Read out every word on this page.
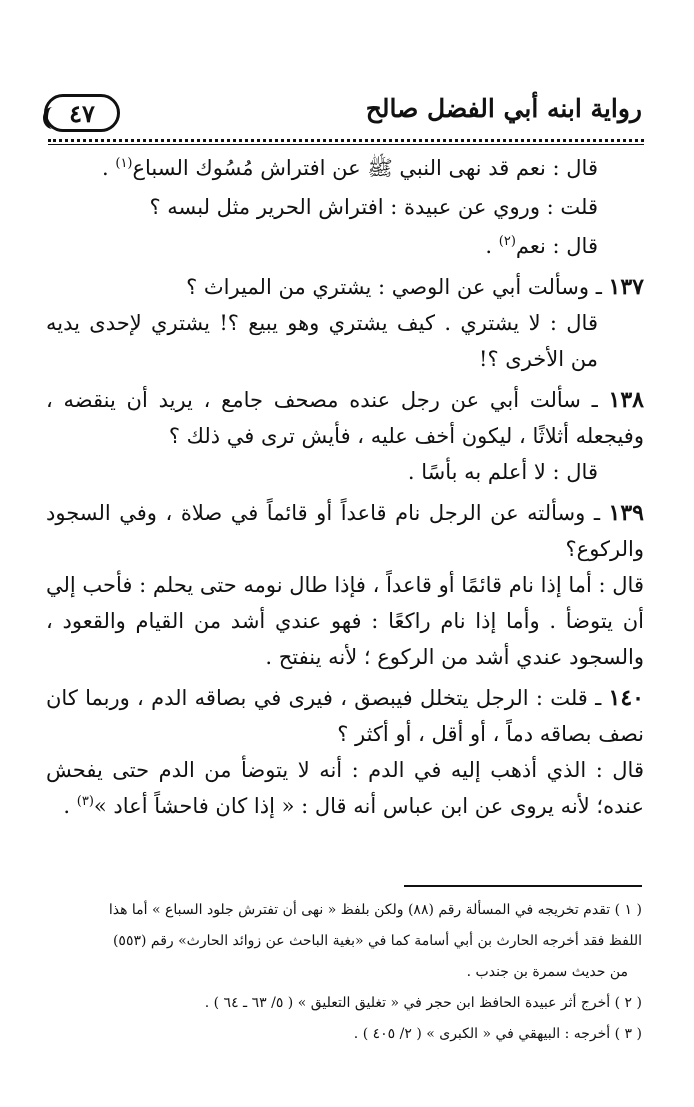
رواية ابنه أبي الفضل صالح
٤٧

قال : نعم قد نهى النبي ﷺ عن افتراش مُسُوك السباع$^{(١)}$ .

قلت : وروي عن عبيدة : افتراش الحرير مثل لبسه ؟

قال : نعم$^{(٢)}$ .

١٣٧ ـ وسألت أبي عن الوصي : يشتري من الميراث ؟

قال : لا يشتري . كيف يشتري وهو يبيع ؟! يشتري لإحدى يديه من الأخرى ؟!

١٣٨ ـ سألت أبي عن رجل عنده مصحف جامع ، يريد أن ينقضه ، وفيجعله أثلاثًا ، ليكون أخف عليه ، فأيش ترى في ذلك ؟

قال : لا أعلم به بأسًا .

١٣٩ ـ وسألته عن الرجل نام قاعداً أو قائماً في صلاة ، وفي السجود والركوع؟

قال : أما إذا نام قائمًا أو قاعداً ، فإذا طال نومه حتى يحلم : فأحب إلي أن يتوضأ . وأما إذا نام راكعًا : فهو عندي أشد من القيام والقعود ، والسجود عندي أشد من الركوع ؛ لأنه ينفتح .

١٤٠ ـ قلت : الرجل يتخلل فيبصق ، فيرى في بصاقه الدم ، وربما كان نصف بصاقه دماً ، أو أقل ، أو أكثر ؟

قال : الذي أذهب إليه في الدم : أنه لا يتوضأ من الدم حتى يفحش عنده؛ لأنه يروى عن ابن عباس أنه قال : « إذا كان فاحشاً أعاد »$^{(٣)}$ .

( ١ ) تقدم تخريجه في المسألة رقم (٨٨) ولكن بلفظ « نهى أن تفترش جلود السباع » أما هذا

اللفظ فقد أخرجه الحارث بن أبي أسامة كما في «بغية الباحث عن زوائد الحارث» رقم (٥٥٣)

من حديث سمرة بن جندب .

( ٢ ) أخرج أثر عبيدة الحافظ ابن حجر في « تغليق التعليق » ( ٥/ ٦٣ ـ ٦٤ ) .

( ٣ ) أخرجه : البيهقي في « الكبرى » ( ٢/ ٤٠٥ ) .
